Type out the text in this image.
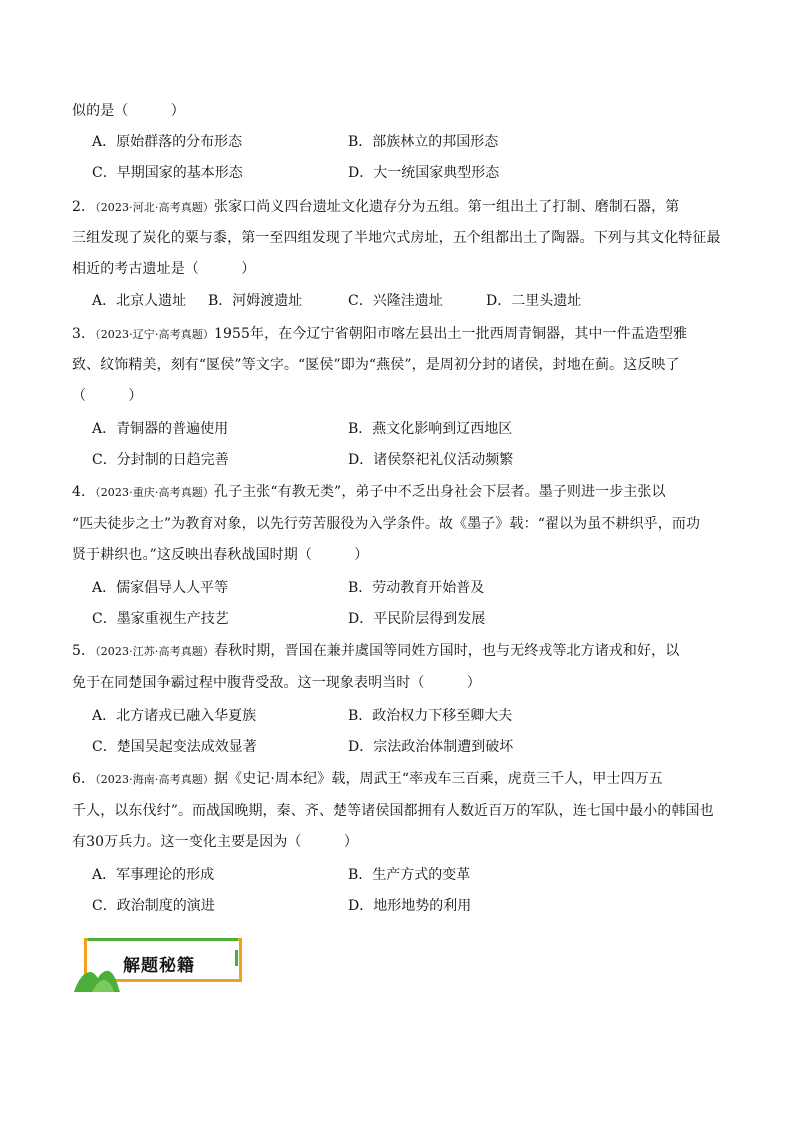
似的是（　　　）
A．原始群落的分布形态	B．部族林立的邦国形态
C．早期国家的基本形态	D．大一统国家典型形态
2．（2023·河北·高考真题）张家口尚义四台遗址文化遗存分为五组。第一组出土了打制、磨制石器，第
三组发现了炭化的粟与黍，第一至四组发现了半地穴式房址，五个组都出土了陶器。下列与其文化特征最
相近的考古遗址是（　　　）
A．北京人遗址 B．河姆渡遗址	C．兴隆洼遗址	D．二里头遗址
3．（2023·辽宁·高考真题）1955年，在今辽宁省朝阳市喀左县出土一批西周青铜器，其中一件盂造型雅
致、纹饰精美，刻有“匽侯”等文字。“匽侯”即为“燕侯”，是周初分封的诸侯，封地在蓟。这反映了
（　　　）
A．青铜器的普遍使用	B．燕文化影响到辽西地区
C．分封制的日趋完善	D．诸侯祭祀礼仪活动频繁
4．（2023·重庆·高考真题）孔子主张“有教无类”，弟子中不乏出身社会下层者。墨子则进一步主张以
“匹夫徒步之士”为教育对象，以先行劳苦服役为入学条件。故《墨子》载：“翟以为虽不耕织乎，而功
贤于耕织也。”这反映出春秋战国时期（　　　）
A．儒家倡导人人平等	B．劳动教育开始普及
C．墨家重视生产技艺	D．平民阶层得到发展
5．（2023·江苏·高考真题）春秋时期，晋国在兼并虞国等同姓方国时，也与无终戎等北方诸戎和好，以
免于在同楚国争霸过程中腹背受敌。这一现象表明当时（　　　）
A．北方诸戎已融入华夏族	B．政治权力下移至卿大夫
C．楚国吴起变法成效显著	D．宗法政治体制遭到破坏
6．（2023·海南·高考真题）据《史记·周本纪》载，周武王“率戎车三百乘，虎贲三千人，甲士四万五
千人，以东伐纣”。而战国晚期，秦、齐、楚等诸侯国都拥有人数近百万的军队，连七国中最小的韩国也
有30万兵力。这一变化主要是因为（　　　）
A．军事理论的形成	B．生产方式的变革
C．政治制度的演进	D．地形地势的利用
解题秘籍
